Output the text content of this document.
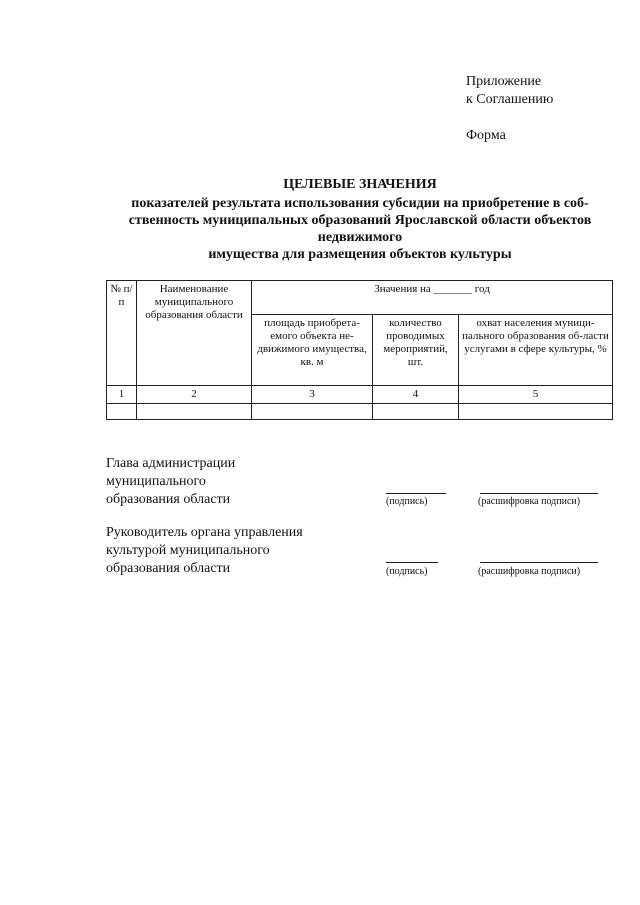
Приложение
к Соглашению
Форма
ЦЕЛЕВЫЕ ЗНАЧЕНИЯ
показателей результата использования субсидии на приобретение в соб-
ственность муниципальных образований Ярославской области объектов
недвижимого
имущества для размещения объектов культуры
№ п/п	Наименование муниципального образования области	Значения на _______ год		
		площадь приобрета-емого объекта не-движимого имущества, кв. м	количество проводимых мероприятий, шт.	охват населения муници-пального образования об-ласти услугами в сфере культуры, %
1	2	3	4	5

Глава администрации
муниципального
образования области	(подпись)	(расшифровка подписи)
Руководитель органа управления
культурой муниципального
образования области	(подпись)	(расшифровка подписи)
